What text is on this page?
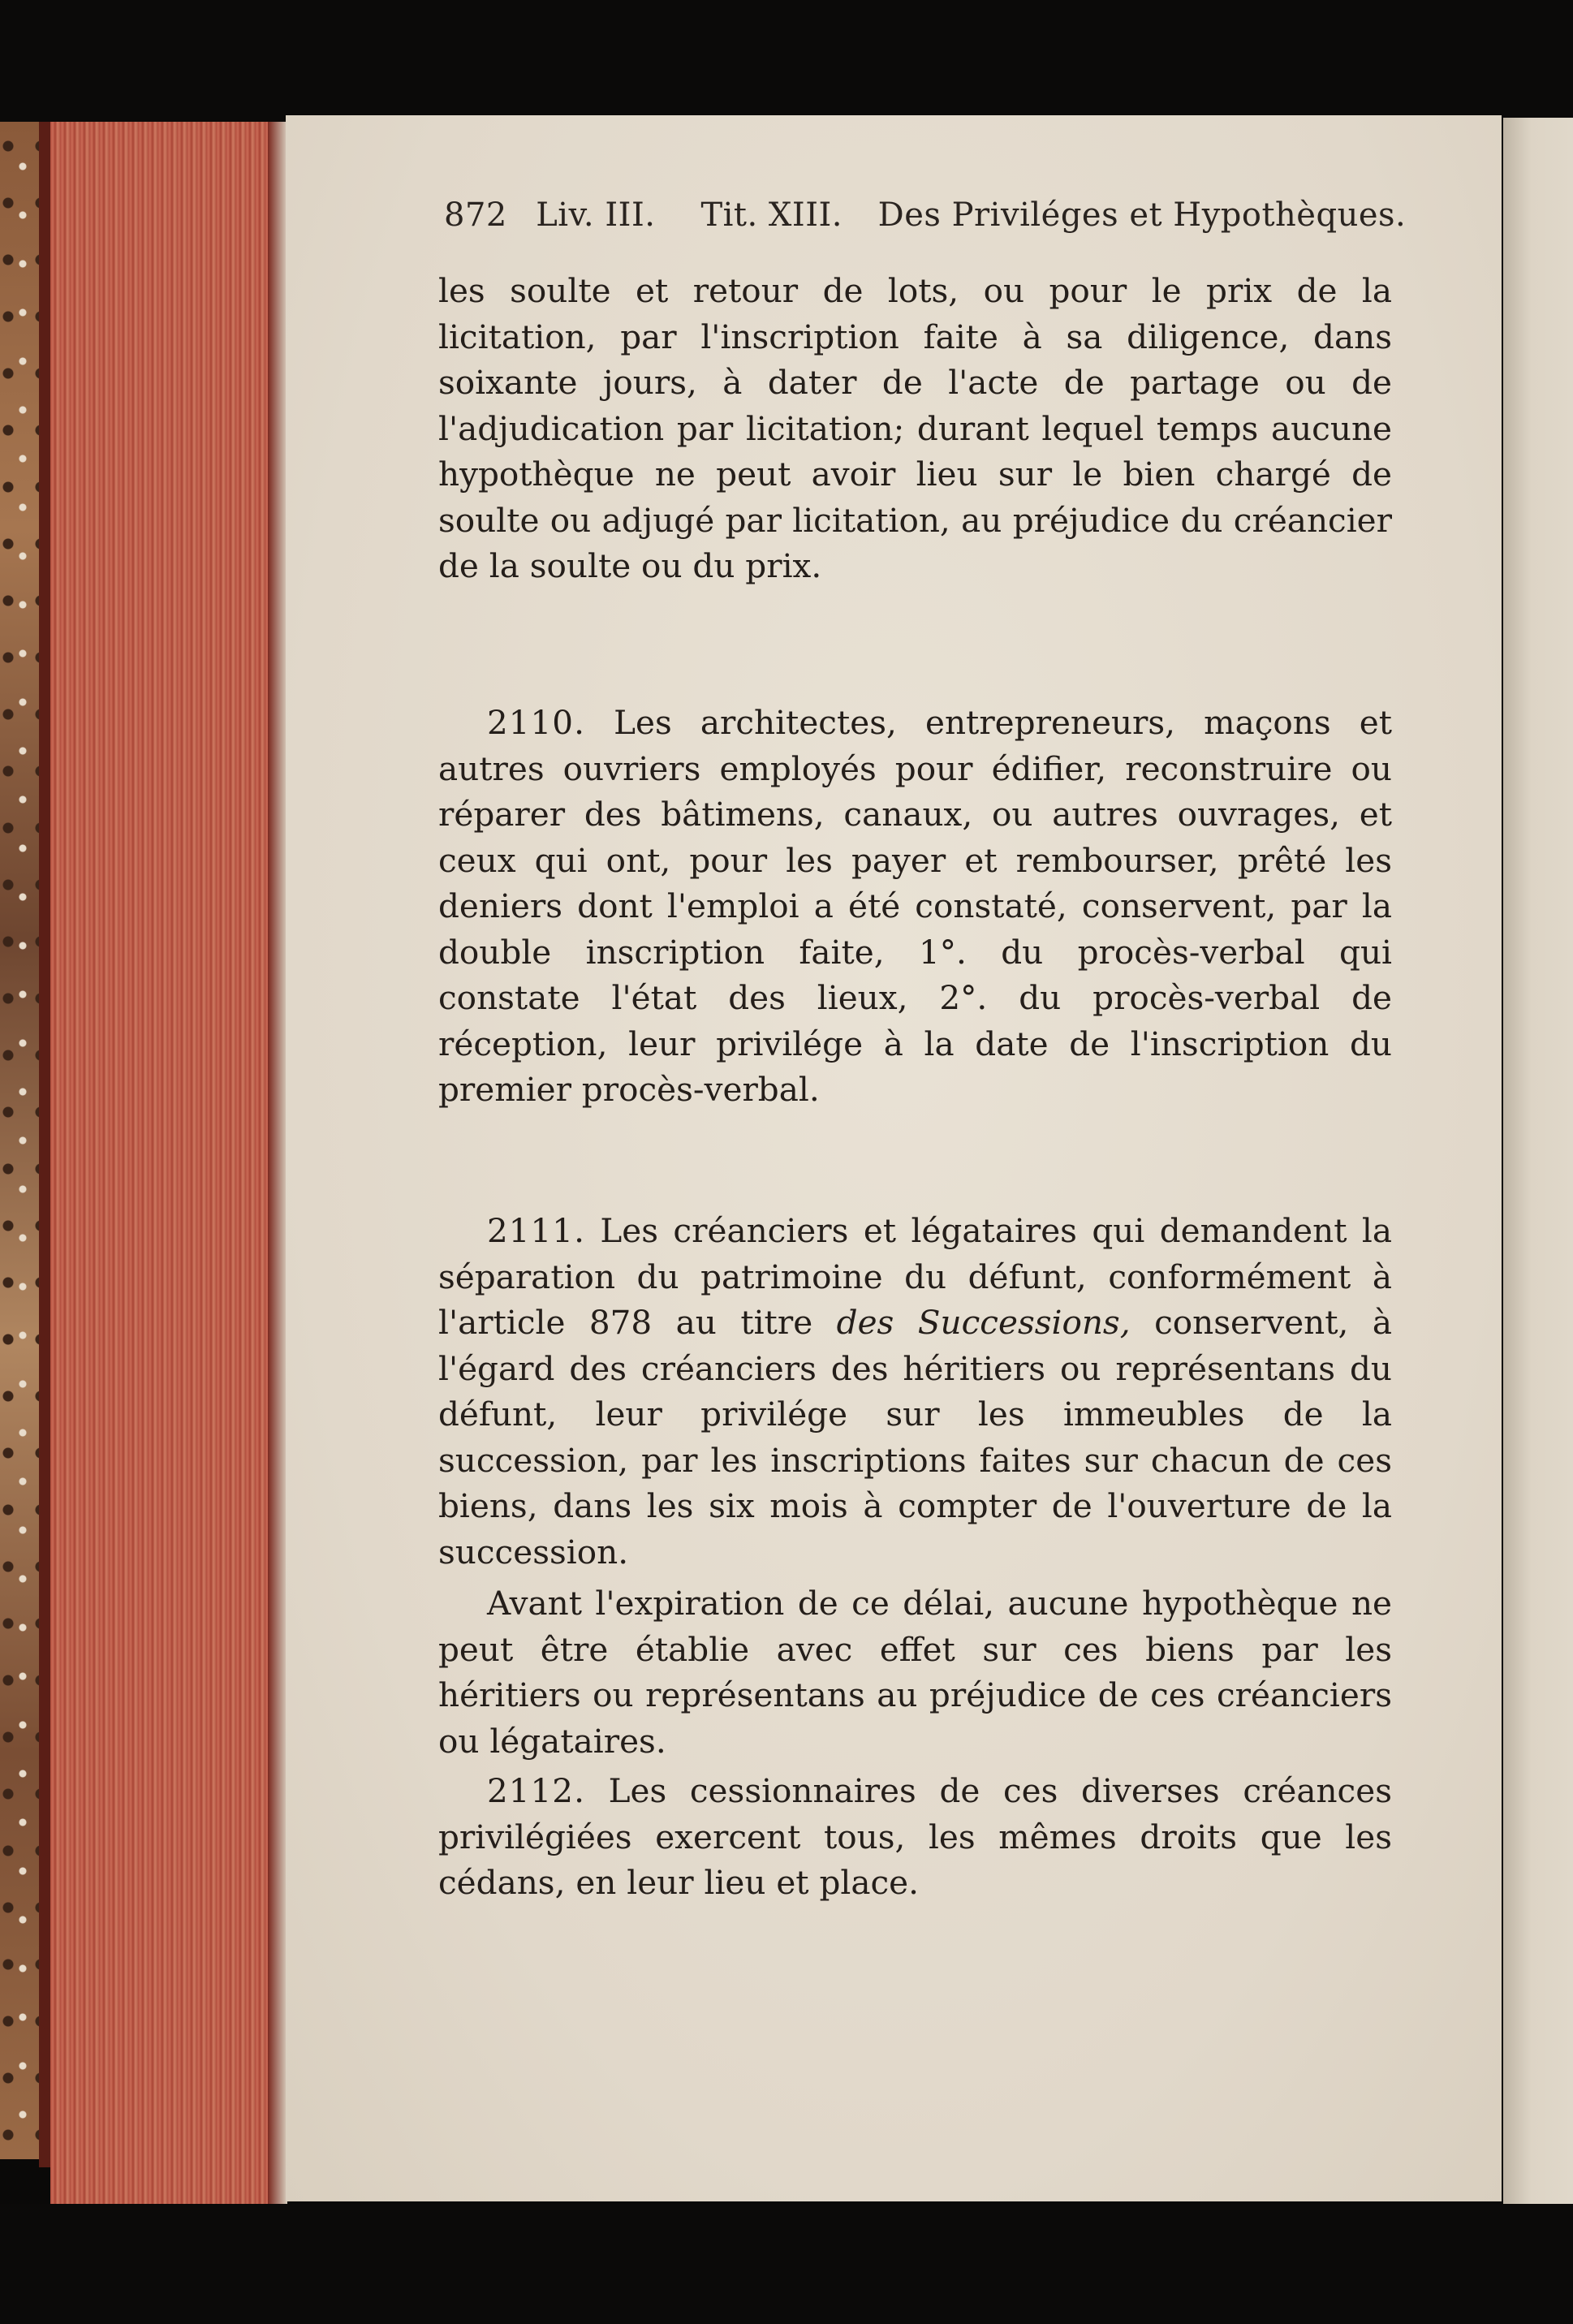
872 Liv. III. Tit. XIII. Des Priviléges et Hypothèques.

les soulte et retour de lots, ou pour le prix de la licitation, par l'inscription faite à sa diligence, dans soixante jours, à dater de l'acte de partage ou de l'adjudication par licitation; durant lequel temps aucune hypothèque ne peut avoir lieu sur le bien chargé de soulte ou adjugé par licitation, au préjudice du créancier de la soulte ou du prix.

2110. Les architectes, entrepreneurs, maçons et autres ouvriers employés pour édifier, reconstruire ou réparer des bâtimens, canaux, ou autres ouvrages, et ceux qui ont, pour les payer et rembourser, prêté les deniers dont l'emploi a été constaté, conservent, par la double inscription faite, 1°. du procès-verbal qui constate l'état des lieux, 2°. du procès-verbal de réception, leur privilége à la date de l'inscription du premier procès-verbal.

2111. Les créanciers et légataires qui demandent la séparation du patrimoine du défunt, conformément à l'article 878 au titre des Successions, conservent, à l'égard des créanciers des héritiers ou représentans du défunt, leur privilége sur les immeubles de la succession, par les inscriptions faites sur chacun de ces biens, dans les six mois à compter de l'ouverture de la succession.

Avant l'expiration de ce délai, aucune hypothèque ne peut être établie avec effet sur ces biens par les héritiers ou représentans au préjudice de ces créanciers ou légataires.

2112. Les cessionnaires de ces diverses créances privilégiées exercent tous, les mêmes droits que les cédans, en leur lieu et place.
